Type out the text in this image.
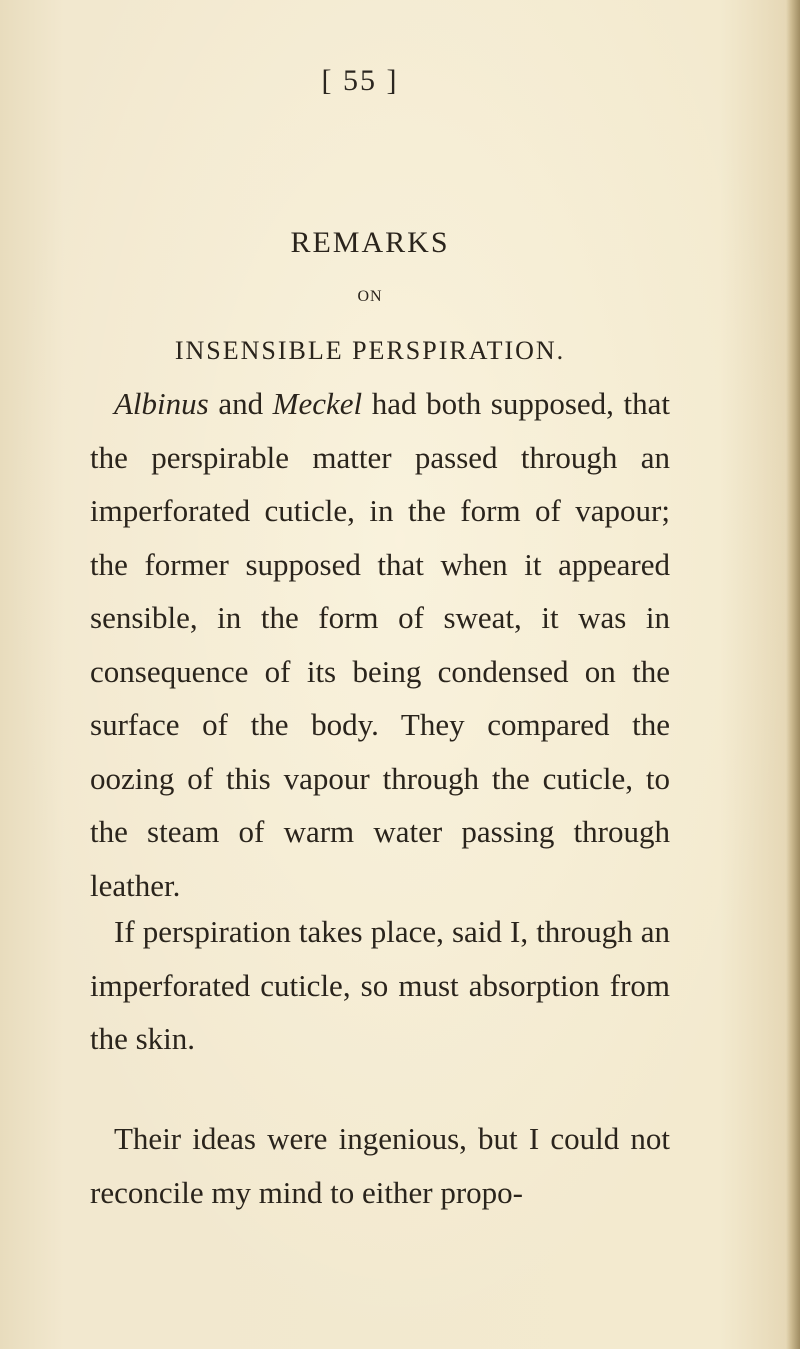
[ 55 ]
REMARKS
ON
INSENSIBLE PERSPIRATION.
Albinus and Meckel had both supposed, that the perspirable matter passed through an imperforated cuticle, in the form of vapour; the former supposed that when it appeared sensible, in the form of sweat, it was in consequence of its being condensed on the surface of the body. They compared the oozing of this vapour through the cuticle, to the steam of warm water passing through leather.
If perspiration takes place, said I, through an imperforated cuticle, so must absorption from the skin.
Their ideas were ingenious, but I could not reconcile my mind to either propo-
